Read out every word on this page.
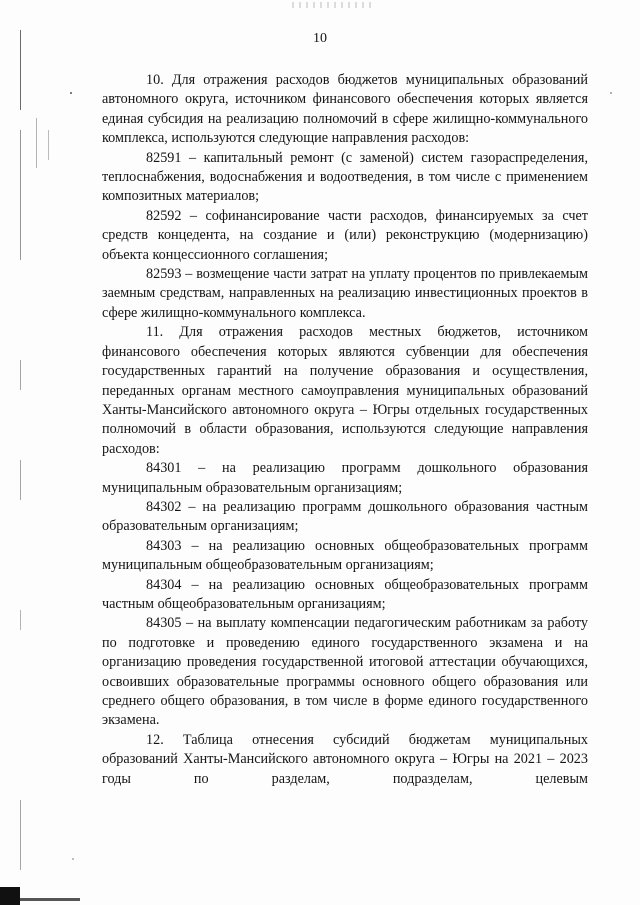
10

10. Для отражения расходов бюджетов муниципальных образований автономного округа, источником финансового обеспечения которых является единая субсидия на реализацию полномочий в сфере жилищно-коммунального комплекса, используются следующие направления расходов:

82591 – капитальный ремонт (с заменой) систем газораспределения, теплоснабжения, водоснабжения и водоотведения, в том числе с применением композитных материалов;

82592 – софинансирование части расходов, финансируемых за счет средств концедента, на создание и (или) реконструкцию (модернизацию) объекта концессионного соглашения;

82593 – возмещение части затрат на уплату процентов по привлекаемым заемным средствам, направленных на реализацию инвестиционных проектов в сфере жилищно-коммунального комплекса.

11. Для отражения расходов местных бюджетов, источником финансового обеспечения которых являются субвенции для обеспечения государственных гарантий на получение образования и осуществления, переданных органам местного самоуправления муниципальных образований Ханты-Мансийского автономного округа – Югры отдельных государственных полномочий в области образования, используются следующие направления расходов:

84301 – на реализацию программ дошкольного образования муниципальным образовательным организациям;

84302 – на реализацию программ дошкольного образования частным образовательным организациям;

84303 – на реализацию основных общеобразовательных программ муниципальным общеобразовательным организациям;

84304 – на реализацию основных общеобразовательных программ частным общеобразовательным организациям;

84305 – на выплату компенсации педагогическим работникам за работу по подготовке и проведению единого государственного экзамена и на организацию проведения государственной итоговой аттестации обучающихся, освоивших образовательные программы основного общего образования или среднего общего образования, в том числе в форме единого государственного экзамена.

12. Таблица отнесения субсидий бюджетам муниципальных образований Ханты-Мансийского автономного округа – Югры на 2021 – 2023 годы по разделам, подразделам, целевым
